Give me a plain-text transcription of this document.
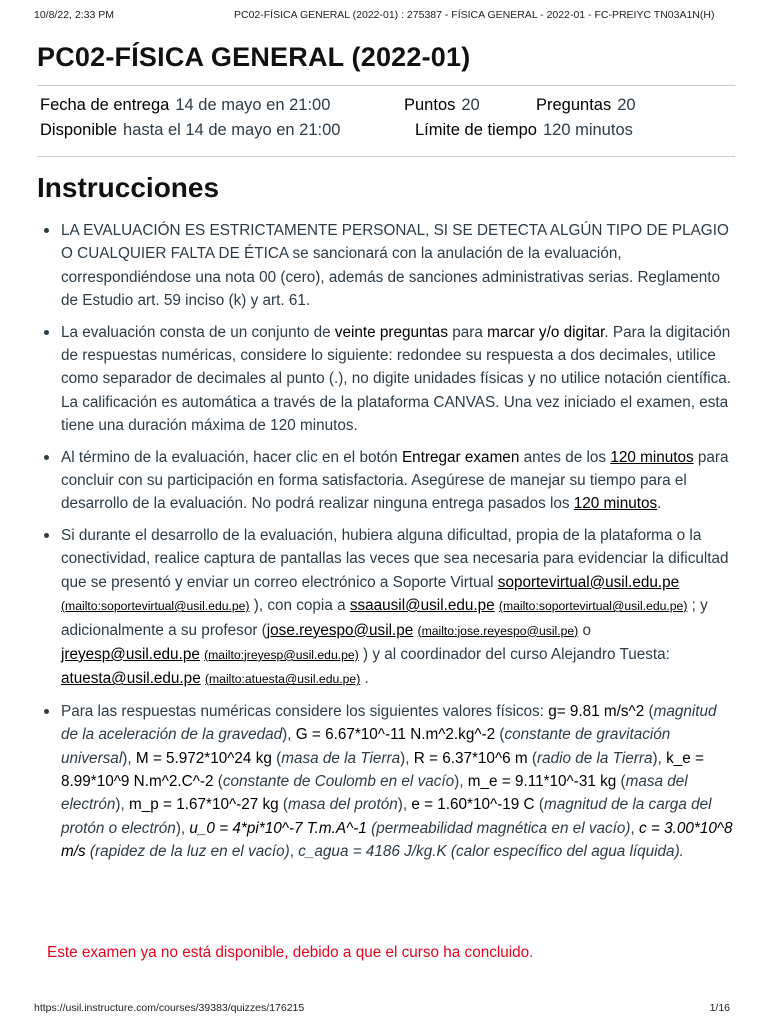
10/8/22, 2:33 PM	PC02-FÍSICA GENERAL (2022-01) : 275387 - FÍSICA GENERAL - 2022-01 - FC-PREIYC TN03A1N(H)
PC02-FÍSICA GENERAL (2022-01)
Fecha de entrega 14 de mayo en 21:00	Puntos 20	Preguntas 20
Disponible hasta el 14 de mayo en 21:00	Límite de tiempo 120 minutos
Instrucciones
LA EVALUACIÓN ES ESTRICTAMENTE PERSONAL, SI SE DETECTA ALGÚN TIPO DE PLAGIO O CUALQUIER FALTA DE ÉTICA se sancionará con la anulación de la evaluación, correspondiéndose una nota 00 (cero), además de sanciones administrativas serias. Reglamento de Estudio art. 59 inciso (k) y art. 61.
La evaluación consta de un conjunto de veinte preguntas para marcar y/o digitar. Para la digitación de respuestas numéricas, considere lo siguiente: redondee su respuesta a dos decimales, utilice como separador de decimales al punto (.), no digite unidades físicas y no utilice notación científica. La calificación es automática a través de la plataforma CANVAS. Una vez iniciado el examen, esta tiene una duración máxima de 120 minutos.
Al término de la evaluación, hacer clic en el botón Entregar examen antes de los 120 minutos para concluir con su participación en forma satisfactoria. Asegúrese de manejar su tiempo para el desarrollo de la evaluación. No podrá realizar ninguna entrega pasados los 120 minutos.
Si durante el desarrollo de la evaluación, hubiera alguna dificultad, propia de la plataforma o la conectividad, realice captura de pantallas las veces que sea necesaria para evidenciar la dificultad que se presentó y enviar un correo electrónico a Soporte Virtual soportevirtual@usil.edu.pe (mailto:soportevirtual@usil.edu.pe) ), con copia a ssaausil@usil.edu.pe (mailto:soportevirtual@usil.edu.pe) ; y adicionalmente a su profesor (jose.reyespo@usil.pe (mailto:jose.reyespo@usil.pe) o jreyesp@usil.edu.pe (mailto:jreyesp@usil.edu.pe) ) y al coordinador del curso Alejandro Tuesta: atuesta@usil.edu.pe (mailto:atuesta@usil.edu.pe) .
Para las respuestas numéricas considere los siguientes valores físicos: g= 9.81 m/s^2 (magnitud de la aceleración de la gravedad), G = 6.67*10^-11 N.m^2.kg^-2 (constante de gravitación universal), M = 5.972*10^24 kg (masa de la Tierra), R = 6.37*10^6 m (radio de la Tierra), k_e = 8.99*10^9 N.m^2.C^-2 (constante de Coulomb en el vacío), m_e = 9.11*10^-31 kg (masa del electrón), m_p = 1.67*10^-27 kg (masa del protón), e = 1.60*10^-19 C (magnitud de la carga del protón o electrón), u_0 = 4*pi*10^-7 T.m.A^-1 (permeabilidad magnética en el vacío), c = 3.00*10^8 m/s (rapidez de la luz en el vacío), c_agua = 4186 J/kg.K (calor específico del agua líquida).
Este examen ya no está disponible, debido a que el curso ha concluido.
https://usil.instructure.com/courses/39383/quizzes/176215	1/16
